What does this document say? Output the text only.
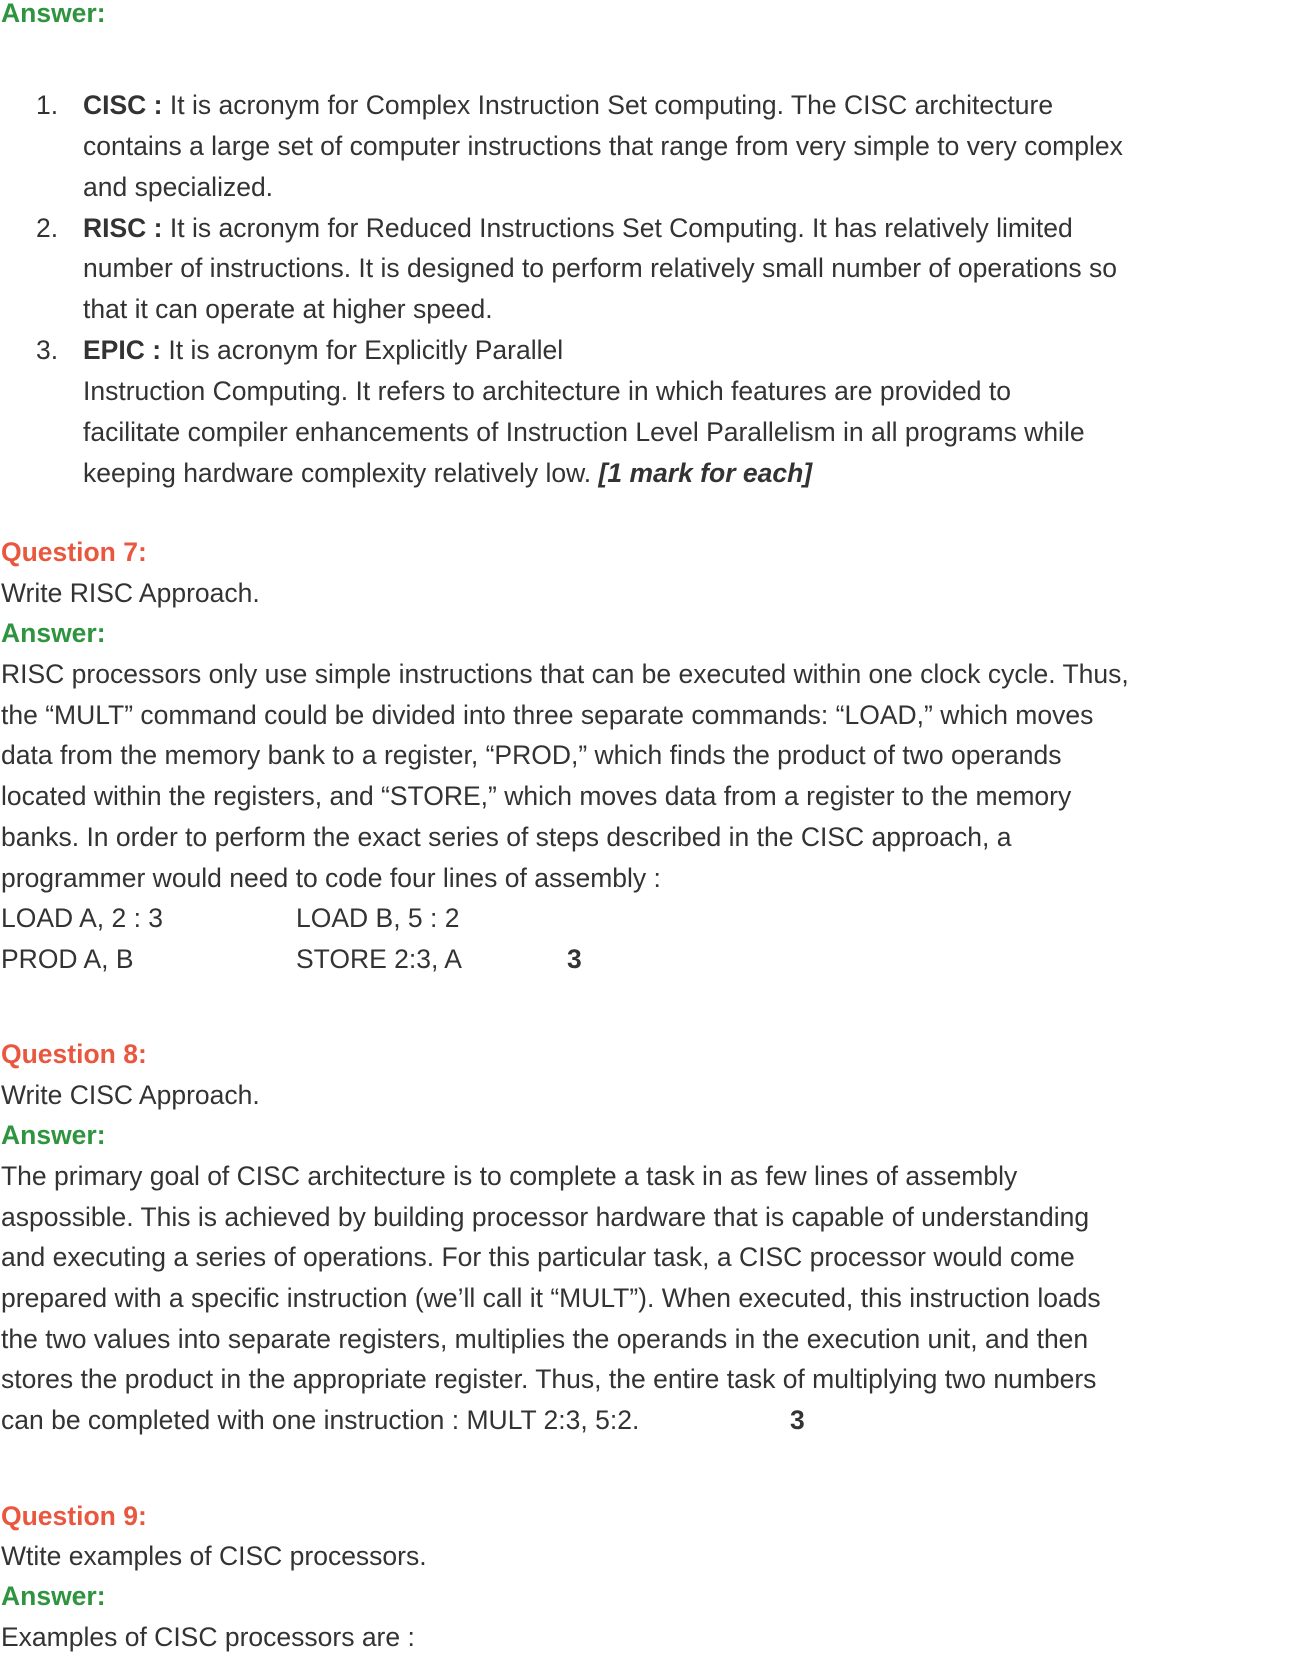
Answer:
1. CISC : It is acronym for Complex Instruction Set computing. The CISC architecture
contains a large set of computer instructions that range from very simple to very complex
and specialized.
2. RISC : It is acronym for Reduced Instructions Set Computing. It has relatively limited
number of instructions. It is designed to perform relatively small number of operations so
that it can operate at higher speed.
3. EPIC : It is acronym for Explicitly Parallel
Instruction Computing. It refers to architecture in which features are provided to
facilitate compiler enhancements of Instruction Level Parallelism in all programs while
keeping hardware complexity relatively low. [1 mark for each]
Question 7:
Write RISC Approach.
Answer:
RISC processors only use simple instructions that can be executed within one clock cycle. Thus,
the “MULT” command could be divided into three separate commands: “LOAD,” which moves
data from the memory bank to a register, “PROD,” which finds the product of two operands
located within the registers, and “STORE,” which moves data from a register to the memory
banks. In order to perform the exact series of steps described in the CISC approach, a
programmer would need to code four lines of assembly :
LOAD A, 2 : 3	LOAD B, 5 : 2
PROD A, B	STORE 2:3, A	3
Question 8:
Write CISC Approach.
Answer:
The primary goal of CISC architecture is to complete a task in as few lines of assembly
aspossible. This is achieved by building processor hardware that is capable of understanding
and executing a series of operations. For this particular task, a CISC processor would come
prepared with a specific instruction (we’ll call it “MULT”). When executed, this instruction loads
the two values into separate registers, multiplies the operands in the execution unit, and then
stores the product in the appropriate register. Thus, the entire task of multiplying two numbers
can be completed with one instruction : MULT 2:3, 5:2.	3
Question 9:
Wtite examples of CISC processors.
Answer:
Examples of CISC processors are :
